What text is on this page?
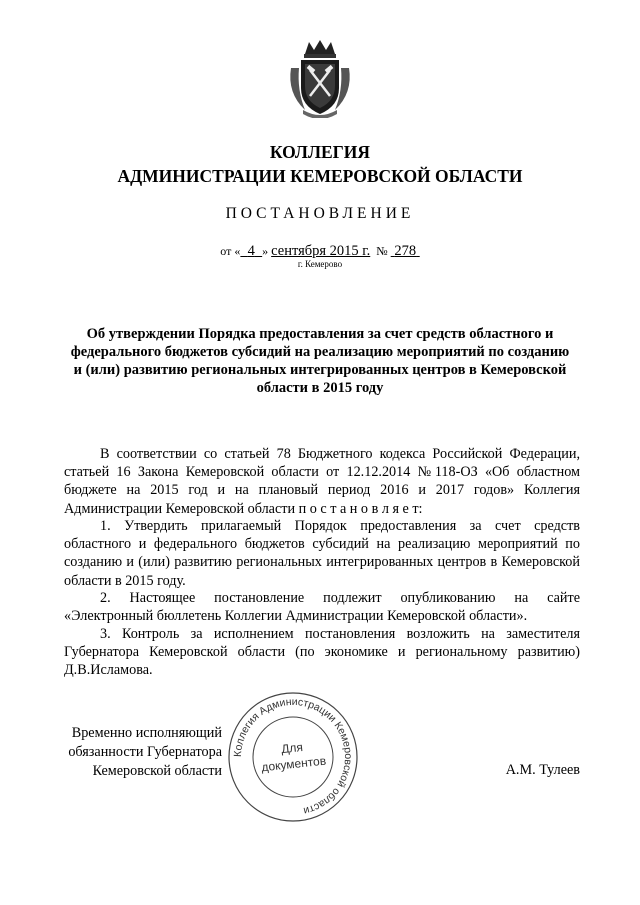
КОЛЛЕГИЯ
АДМИНИСТРАЦИИ КЕМЕРОВСКОЙ ОБЛАСТИ
ПОСТАНОВЛЕНИЕ
от « 4 » сентября 2015 г. № 278
г. Кемерово
Об утверждении Порядка предоставления за счет средств областного и федерального бюджетов субсидий на реализацию мероприятий по созданию и (или) развитию региональных интегрированных центров в Кемеровской области в 2015 году
В соответствии со статьей 78 Бюджетного кодекса Российской Федерации, статьей 16 Закона Кемеровской области от 12.12.2014 №118-ОЗ «Об областном бюджете на 2015 год и на плановый период 2016 и 2017 годов» Коллегия Администрации Кемеровской области п о с т а н о в л я е т:
1. Утвердить прилагаемый Порядок предоставления за счет средств областного и федерального бюджетов субсидий на реализацию мероприятий по созданию и (или) развитию региональных интегрированных центров в Кемеровской области в 2015 году.
2. Настоящее постановление подлежит опубликованию на сайте «Электронный бюллетень Коллегии Администрации Кемеровской области».
3. Контроль за исполнением постановления возложить на заместителя Губернатора Кемеровской области (по экономике и региональному развитию) Д.В.Исламова.
Временно исполняющий
обязанности Губернатора
Кемеровской области
Коллегия Администрации Кемеровской области
Для
документов	А.М. Тулеев
